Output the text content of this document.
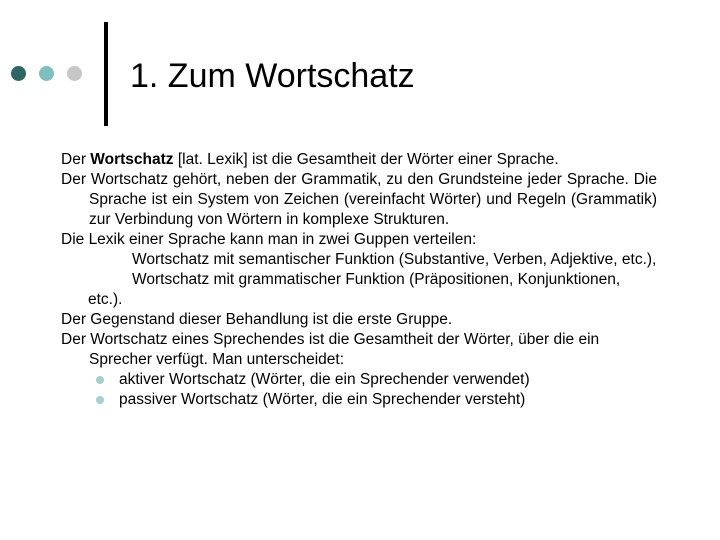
1. Zum Wortschatz

Der Wortschatz [lat. Lexik] ist die Gesamtheit der Wörter einer Sprache.

Der Wortschatz gehört, neben der Grammatik, zu den Grundsteine jeder Sprache. Die Sprache ist ein System von Zeichen (vereinfacht Wörter) und Regeln (Grammatik) zur Verbindung von Wörtern in komplexe Strukturen.

Die Lexik einer Sprache kann man in zwei Guppen verteilen:

Wortschatz mit semantischer Funktion (Substantive, Verben, Adjektive, etc.),

Wortschatz mit grammatischer Funktion (Präpositionen, Konjunktionen, etc.).

Der Gegenstand dieser Behandlung ist die erste Gruppe.

Der Wortschatz eines Sprechendes ist die Gesamtheit der Wörter, über die ein Sprecher verfügt. Man unterscheidet:

aktiver Wortschatz (Wörter, die ein Sprechender verwendet)

passiver Wortschatz (Wörter, die ein Sprechender versteht)
